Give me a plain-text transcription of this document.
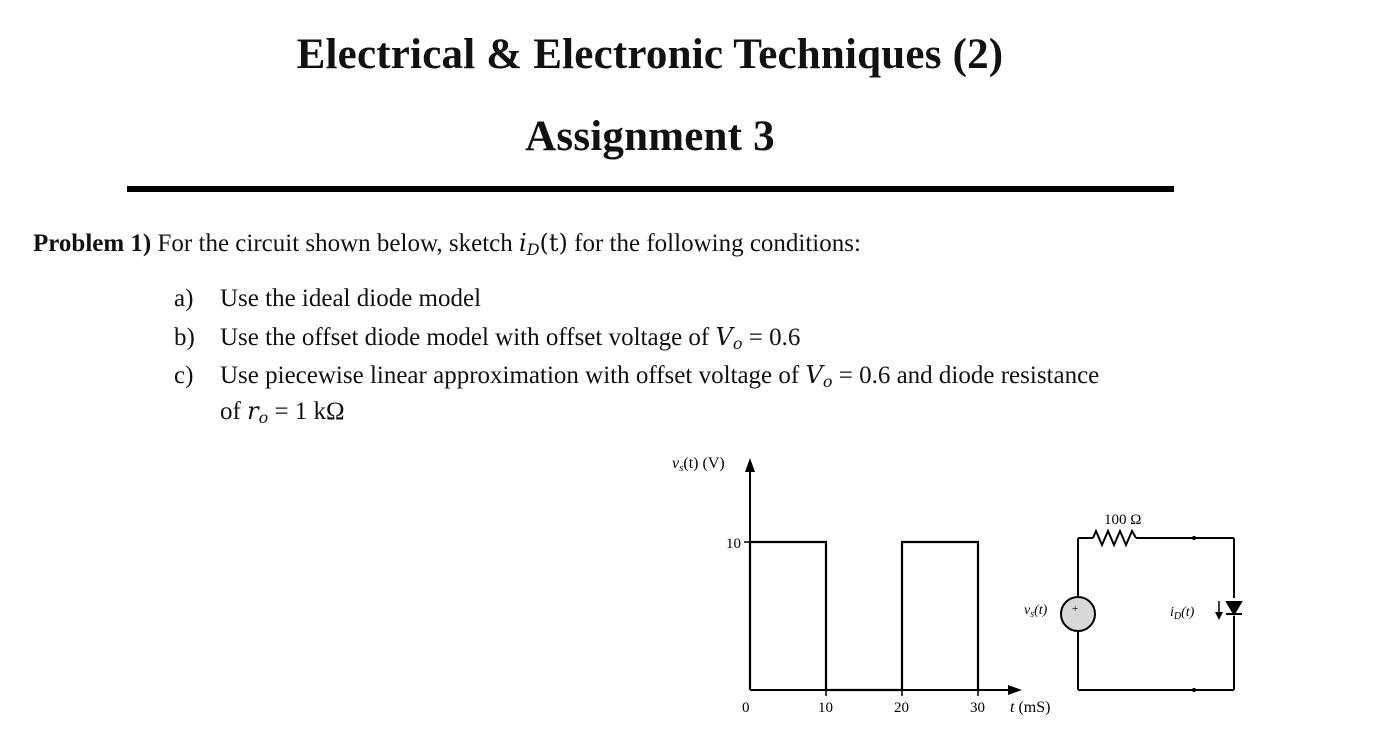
Electrical & Electronic Techniques (2)
Assignment 3
Problem 1) For the circuit shown below, sketch $i_D(t)$ for the following conditions:
a) Use the ideal diode model
b) Use the offset diode model with offset voltage of $V_o = 0.6$
c) Use piecewise linear approximation with offset voltage of $V_o = 0.6$ and diode resistance
of $r_o = 1$ kΩ
vs(t) (V)
10
0	10	20	30 t (mS)
100 Ω
$v_s(t)$ +	$i_D(t)$
